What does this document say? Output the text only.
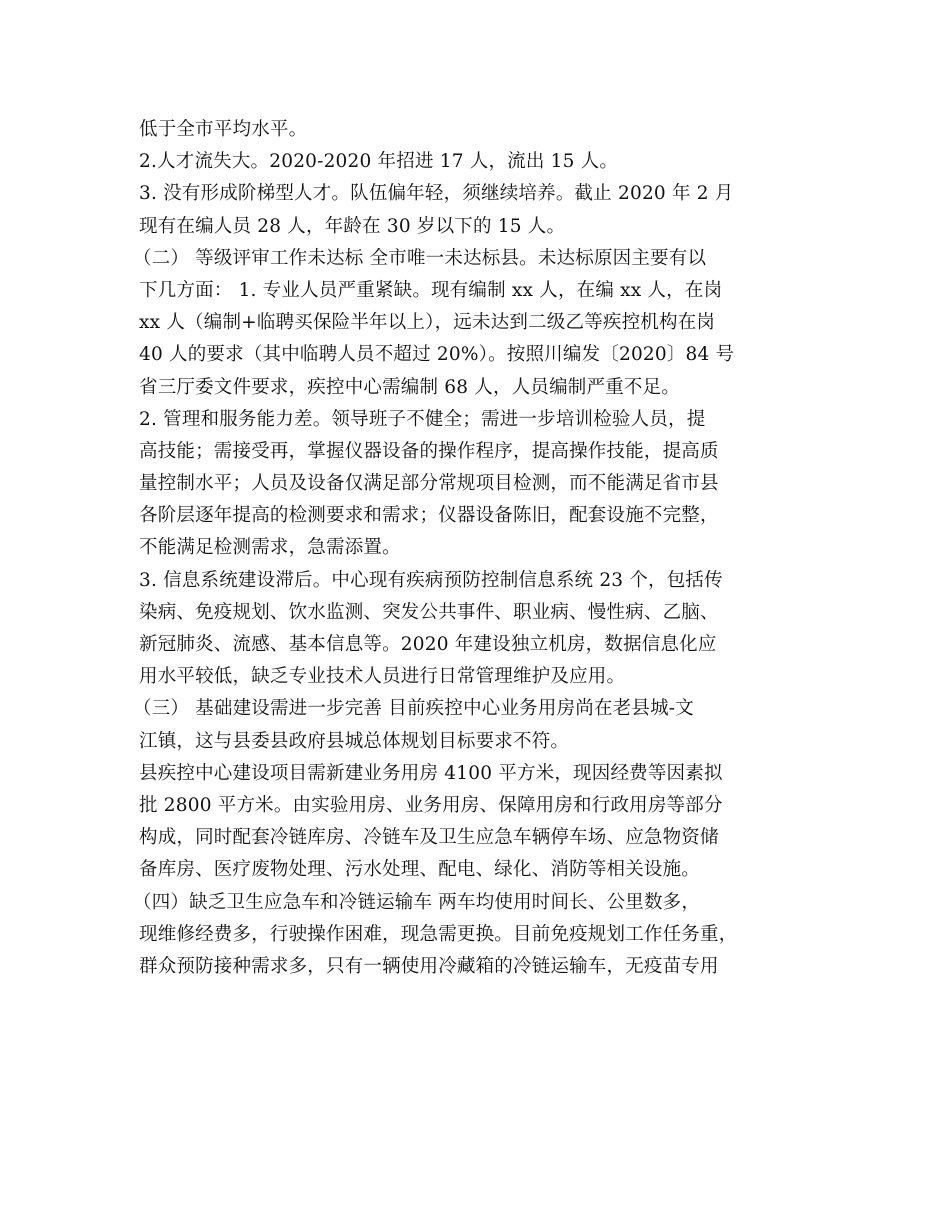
低于全市平均水平。
2.人才流失大。2020-2020 年招进 17 人，流出 15 人。
3. 没有形成阶梯型人才。队伍偏年轻，须继续培养。截止 2020 年 2 月
现有在编人员 28 人，年龄在 30 岁以下的 15 人。
（二） 等级评审工作未达标 全市唯一未达标县。未达标原因主要有以
下几方面： 1. 专业人员严重紧缺。现有编制 xx 人，在编 xx 人，在岗
xx 人（编制+临聘买保险半年以上），远未达到二级乙等疾控机构在岗
40 人的要求（其中临聘人员不超过 20%）。按照川编发〔2020〕84 号
省三厅委文件要求，疾控中心需编制 68 人，人员编制严重不足。
2. 管理和服务能力差。领导班子不健全；需进一步培训检验人员，提
高技能；需接受再，掌握仪器设备的操作程序，提高操作技能，提高质
量控制水平；人员及设备仅满足部分常规项目检测，而不能满足省市县
各阶层逐年提高的检测要求和需求；仪器设备陈旧，配套设施不完整，
不能满足检测需求，急需添置。
3. 信息系统建设滞后。中心现有疾病预防控制信息系统 23 个，包括传
染病、免疫规划、饮水监测、突发公共事件、职业病、慢性病、乙脑、
新冠肺炎、流感、基本信息等。2020 年建设独立机房，数据信息化应
用水平较低，缺乏专业技术人员进行日常管理维护及应用。
（三） 基础建设需进一步完善 目前疾控中心业务用房尚在老县城-文
江镇，这与县委县政府县城总体规划目标要求不符。
县疾控中心建设项目需新建业务用房 4100 平方米，现因经费等因素拟
批 2800 平方米。由实验用房、业务用房、保障用房和行政用房等部分
构成，同时配套冷链库房、冷链车及卫生应急车辆停车场、应急物资储
备库房、医疗废物处理、污水处理、配电、绿化、消防等相关设施。
（四）缺乏卫生应急车和冷链运输车 两车均使用时间长、公里数多，
现维修经费多，行驶操作困难，现急需更换。目前免疫规划工作任务重，
群众预防接种需求多，只有一辆使用冷藏箱的冷链运输车，无疫苗专用
